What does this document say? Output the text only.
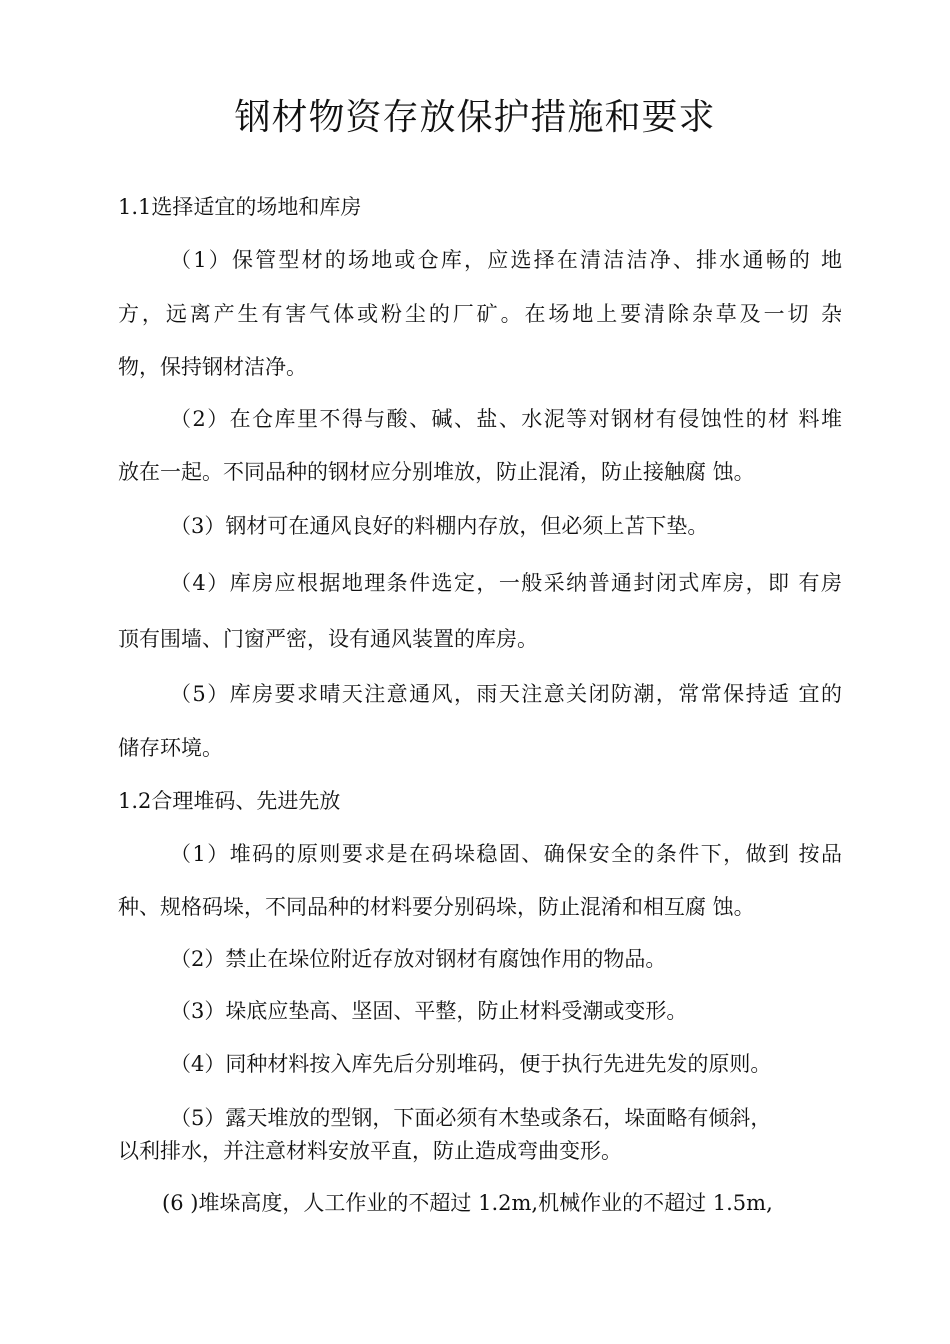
钢材物资存放保护措施和要求
1.1选择适宜的场地和库房
（1）保管型材的场地或仓库，应选择在清洁洁净、排水通畅的 地
方，远离产生有害气体或粉尘的厂矿。在场地上要清除杂草及一切 杂
物，保持钢材洁净。
（2）在仓库里不得与酸、碱、盐、水泥等对钢材有侵蚀性的材 料堆
放在一起。不同品种的钢材应分别堆放，防止混淆，防止接触腐 蚀。
（3）钢材可在通风良好的料棚内存放，但必须上苫下垫。
（4）库房应根据地理条件选定，一般采纳普通封闭式库房，即 有房
顶有围墙、门窗严密，设有通风装置的库房。
（5）库房要求晴天注意通风，雨天注意关闭防潮，常常保持适 宜的
储存环境。
1.2合理堆码、先进先放
（1）堆码的原则要求是在码垛稳固、确保安全的条件下，做到 按品
种、规格码垛，不同品种的材料要分别码垛，防止混淆和相互腐 蚀。
（2）禁止在垛位附近存放对钢材有腐蚀作用的物品。
（3）垛底应垫高、坚固、平整，防止材料受潮或变形。
（4）同种材料按入库先后分别堆码，便于执行先进先发的原则。
（5）露天堆放的型钢，下面必须有木垫或条石，垛面略有倾斜，
以利排水，并注意材料安放平直，防止造成弯曲变形。
(6 )堆垛高度，人工作业的不超过 1.2m,机械作业的不超过 1.5m,
